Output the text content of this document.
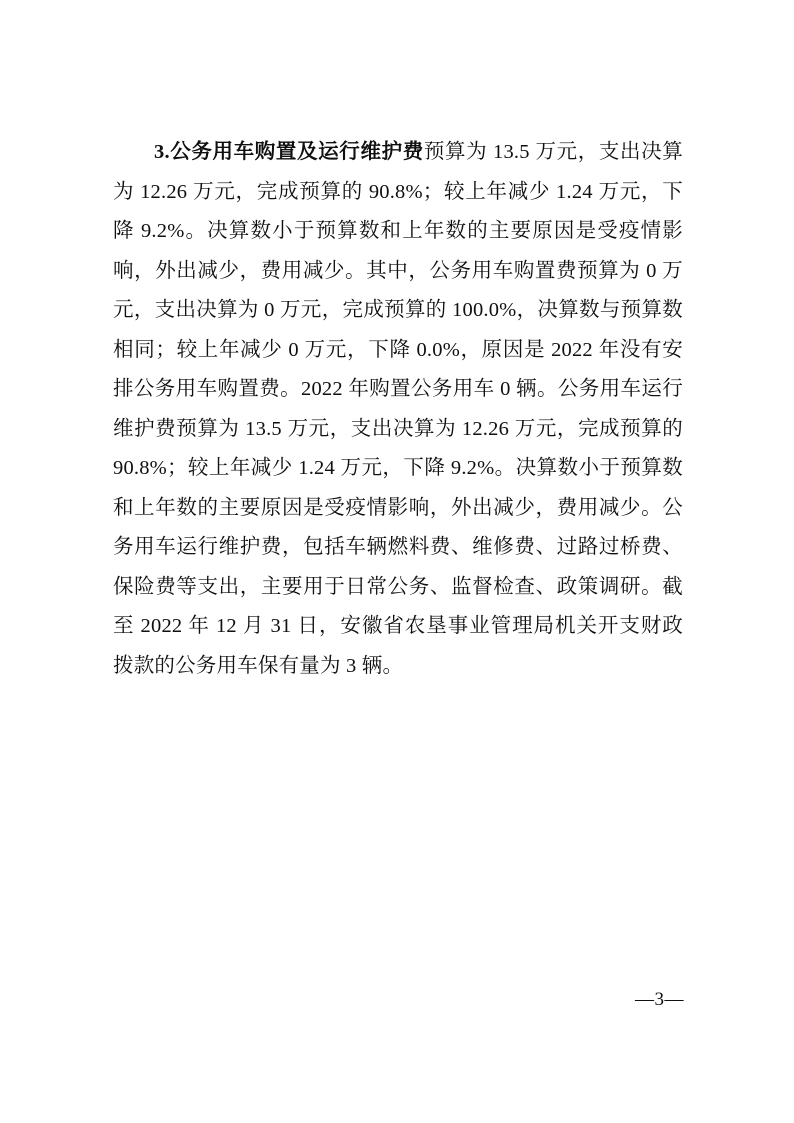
3.公务用车购置及运行维护费预算为 13.5 万元，支出决算为 12.26 万元，完成预算的 90.8%；较上年减少 1.24 万元，下降 9.2%。决算数小于预算数和上年数的主要原因是受疫情影响，外出减少，费用减少。其中，公务用车购置费预算为 0 万元，支出决算为 0 万元，完成预算的 100.0%，决算数与预算数相同；较上年减少 0 万元，下降 0.0%，原因是 2022 年没有安排公务用车购置费。2022 年购置公务用车 0 辆。公务用车运行维护费预算为 13.5 万元，支出决算为 12.26 万元，完成预算的 90.8%；较上年减少 1.24 万元，下降 9.2%。决算数小于预算数和上年数的主要原因是受疫情影响，外出减少，费用减少。公务用车运行维护费，包括车辆燃料费、维修费、过路过桥费、保险费等支出，主要用于日常公务、监督检查、政策调研。截至 2022 年 12 月 31 日，安徽省农垦事业管理局机关开支财政拨款的公务用车保有量为 3 辆。

—3—
